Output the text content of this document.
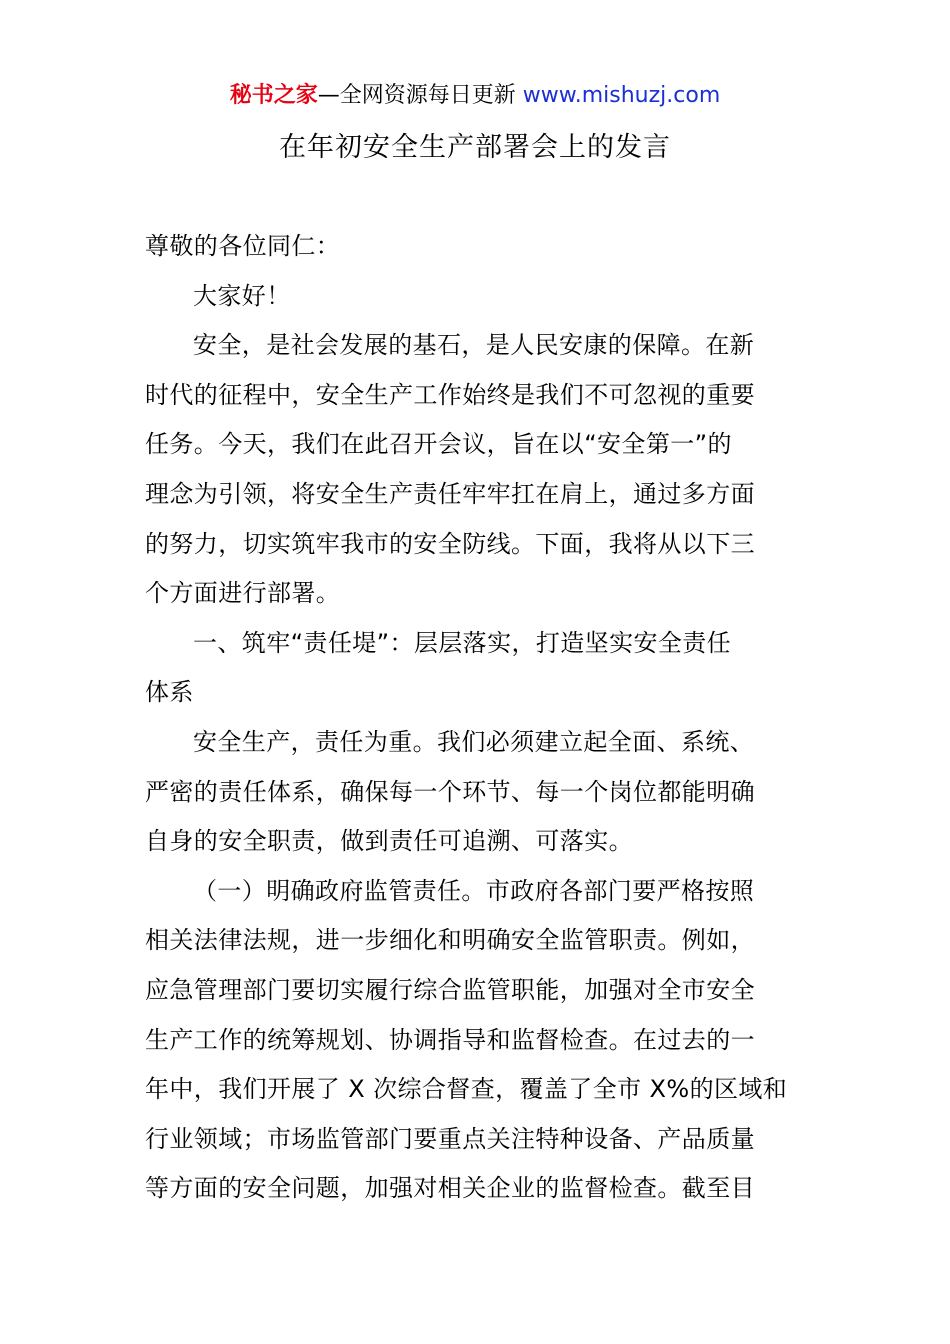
秘书之家—全网资源每日更新 www.mishuzj.com
在年初安全生产部署会上的发言
尊敬的各位同仁：
大家好！
安全，是社会发展的基石，是人民安康的保障。在新
时代的征程中，安全生产工作始终是我们不可忽视的重要
任务。今天，我们在此召开会议，旨在以“安全第一”的
理念为引领，将安全生产责任牢牢扛在肩上，通过多方面
的努力，切实筑牢我市的安全防线。下面，我将从以下三
个方面进行部署。
一、筑牢“责任堤”：层层落实，打造坚实安全责任
体系
安全生产，责任为重。我们必须建立起全面、系统、
严密的责任体系，确保每一个环节、每一个岗位都能明确
自身的安全职责，做到责任可追溯、可落实。
（一）明确政府监管责任。市政府各部门要严格按照
相关法律法规，进一步细化和明确安全监管职责。例如，
应急管理部门要切实履行综合监管职能，加强对全市安全
生产工作的统筹规划、协调指导和监督检查。在过去的一
年中，我们开展了 X 次综合督查，覆盖了全市 X%的区域和
行业领域；市场监管部门要重点关注特种设备、产品质量
等方面的安全问题，加强对相关企业的监督检查。截至目
